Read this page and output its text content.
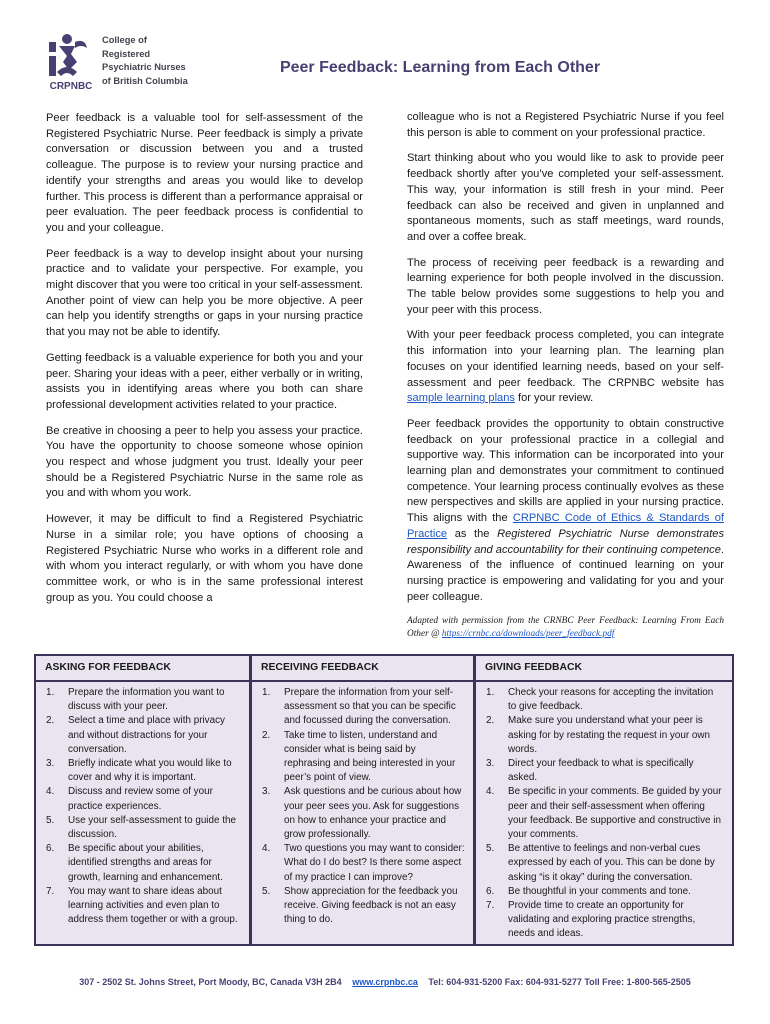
CRPNBC
College of
Registered
Psychiatric Nurses
of British Columbia
Peer Feedback: Learning from Each Other

Peer feedback is a valuable tool for self-assessment of the Registered Psychiatric Nurse. Peer feedback is simply a private conversation or discussion between you and a trusted colleague. The purpose is to review your nursing practice and identify your strengths and areas you would like to develop further. This process is different than a performance appraisal or peer evaluation. The peer feedback process is confidential to you and your colleague.

Peer feedback is a way to develop insight about your nursing practice and to validate your perspective. For example, you might discover that you were too critical in your self-assessment. Another point of view can help you be more objective. A peer can help you identify strengths or gaps in your nursing practice that you may not be able to identify.

Getting feedback is a valuable experience for both you and your peer. Sharing your ideas with a peer, either verbally or in writing, assists you in identifying areas where you both can share professional development activities related to your practice.

Be creative in choosing a peer to help you assess your practice. You have the opportunity to choose someone whose opinion you respect and whose judgment you trust. Ideally your peer should be a Registered Psychiatric Nurse in the same role as you and with whom you work.

However, it may be difficult to find a Registered Psychiatric Nurse in a similar role; you have options of choosing a Registered Psychiatric Nurse who works in a different role and with whom you interact regularly, or with whom you have done committee work, or who is in the same professional interest group as you. You could choose a

colleague who is not a Registered Psychiatric Nurse if you feel this person is able to comment on your professional practice.

Start thinking about who you would like to ask to provide peer feedback shortly after you’ve completed your self-assessment. This way, your information is still fresh in your mind. Peer feedback can also be received and given in unplanned and spontaneous moments, such as staff meetings, ward rounds, and over a coffee break.

The process of receiving peer feedback is a rewarding and learning experience for both people involved in the discussion. The table below provides some suggestions to help you and your peer with this process.

With your peer feedback process completed, you can integrate this information into your learning plan. The learning plan focuses on your identified learning needs, based on your self-assessment and peer feedback. The CRPNBC website has sample learning plans for your review.

Peer feedback provides the opportunity to obtain constructive feedback on your professional practice in a collegial and supportive way. This information can be incorporated into your learning plan and demonstrates your commitment to continued competence. Your learning process continually evolves as these new perspectives and skills are applied in your nursing practice. This aligns with the CRPNBC Code of Ethics & Standards of Practice as the Registered Psychiatric Nurse demonstrates responsibility and accountability for their continuing competence. Awareness of the influence of continued learning on your nursing practice is empowering and validating for you and your peer colleague.

Adapted with permission from the CRNBC Peer Feedback: Learning From Each Other @ https://crnbc.ca/downloads/peer_feedback.pdf

ASKING FOR FEEDBACK
1. Prepare the information you want to discuss with your peer.
2. Select a time and place with privacy and without distractions for your conversation.
3. Briefly indicate what you would like to cover and why it is important.
4. Discuss and review some of your practice experiences.
5. Use your self-assessment to guide the discussion.
6. Be specific about your abilities, identified strengths and areas for growth, learning and enhancement.
7. You may want to share ideas about learning activities and even plan to address them together or with a group.
RECEIVING FEEDBACK
1. Prepare the information from your self-assessment so that you can be specific and focussed during the conversation.
2. Take time to listen, understand and consider what is being said by rephrasing and being interested in your peer’s point of view.
3. Ask questions and be curious about how your peer sees you. Ask for suggestions on how to enhance your practice and grow professionally.
4. Two questions you may want to consider: What do I do best? Is there some aspect of my practice I can improve?
5. Show appreciation for the feedback you receive. Giving feedback is not an easy thing to do.
GIVING FEEDBACK
1. Check your reasons for accepting the invitation to give feedback.
2. Make sure you understand what your peer is asking for by restating the request in your own words.
3. Direct your feedback to what is specifically asked.
4. Be specific in your comments. Be guided by your peer and their self-assessment when offering your feedback. Be supportive and constructive in your comments.
5. Be attentive to feelings and non-verbal cues expressed by each of you. This can be done by asking “is it okay” during the conversation.
6. Be thoughtful in your comments and tone.
7. Provide time to create an opportunity for validating and exploring practice strengths, needs and ideas.
307 - 2502 St. Johns Street, Port Moody, BC, Canada V3H 2B4 www.crpnbc.ca Tel: 604-931-5200 Fax: 604-931-5277 Toll Free: 1-800-565-2505
